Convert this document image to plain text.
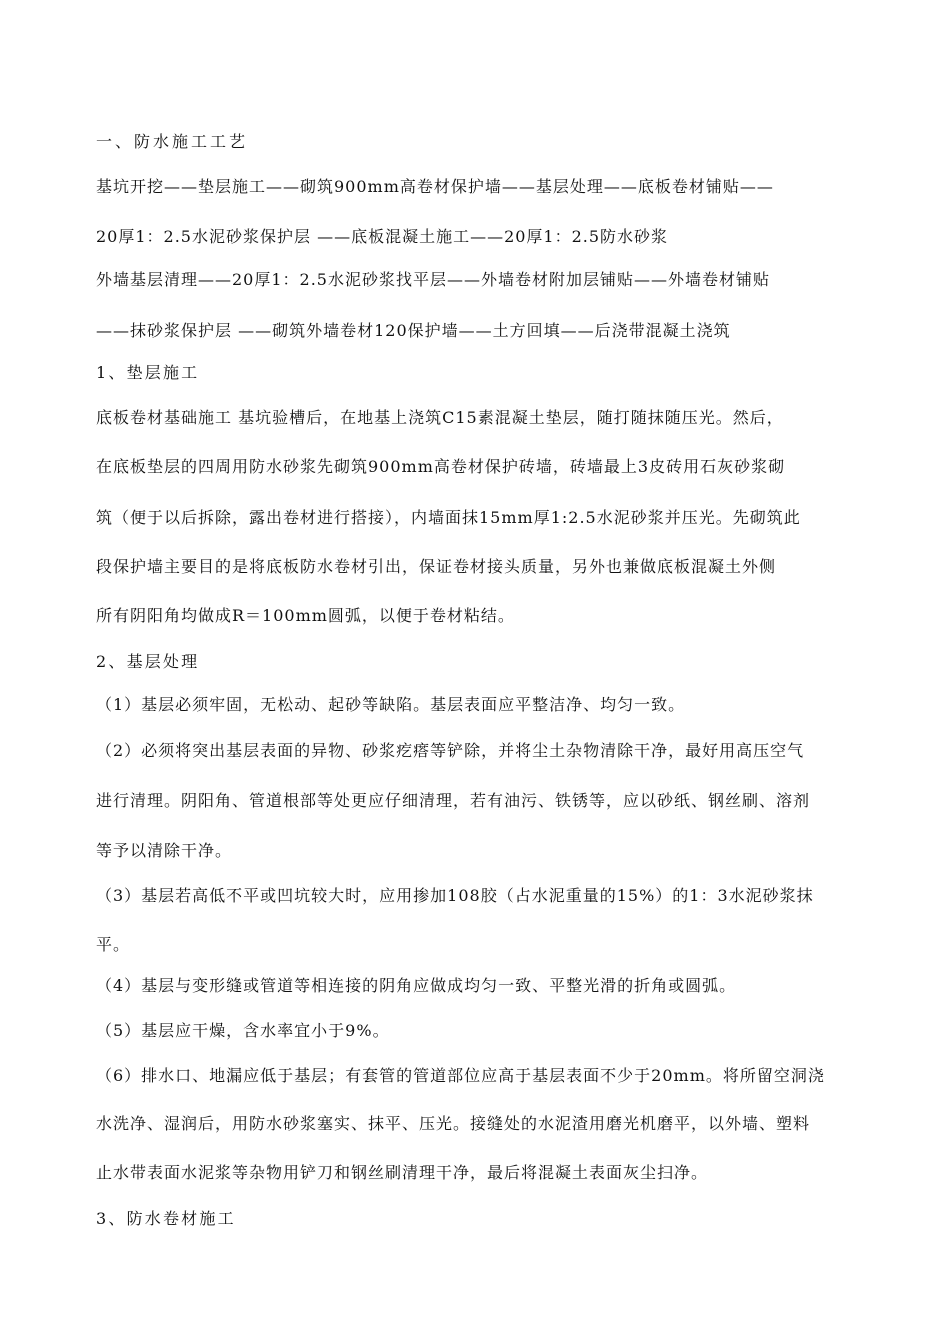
一、防水施工工艺
基坑开挖——垫层施工——砌筑900mm高卷材保护墙——基层处理——底板卷材铺贴——
20厚1：2.5水泥砂浆保护层 ——底板混凝土施工——20厚1：2.5防水砂浆
外墙基层清理——20厚1：2.5水泥砂浆找平层——外墙卷材附加层铺贴——外墙卷材铺贴
——抹砂浆保护层 ——砌筑外墙卷材120保护墙——土方回填——后浇带混凝土浇筑
1、垫层施工
底板卷材基础施工 基坑验槽后，在地基上浇筑C15素混凝土垫层，随打随抹随压光。然后，
在底板垫层的四周用防水砂浆先砌筑900mm高卷材保护砖墙，砖墙最上3皮砖用石灰砂浆砌
筑（便于以后拆除，露出卷材进行搭接），内墙面抹15mm厚1:2.5水泥砂浆并压光。先砌筑此
段保护墙主要目的是将底板防水卷材引出，保证卷材接头质量，另外也兼做底板混凝土外侧
所有阴阳角均做成R＝100mm圆弧，以便于卷材粘结。
2、基层处理
（1）基层必须牢固，无松动、起砂等缺陷。基层表面应平整洁净、均匀一致。
（2）必须将突出基层表面的异物、砂浆疙瘩等铲除，并将尘土杂物清除干净，最好用高压空气
进行清理。阴阳角、管道根部等处更应仔细清理，若有油污、铁锈等，应以砂纸、钢丝刷、溶剂
等予以清除干净。
（3）基层若高低不平或凹坑较大时，应用掺加108胶（占水泥重量的15%）的1：3水泥砂浆抹
平。
（4）基层与变形缝或管道等相连接的阴角应做成均匀一致、平整光滑的折角或圆弧。
（5）基层应干燥，含水率宜小于9%。
（6）排水口、地漏应低于基层；有套管的管道部位应高于基层表面不少于20mm。将所留空洞浇
水洗净、湿润后，用防水砂浆塞实、抹平、压光。接缝处的水泥渣用磨光机磨平，以外墙、塑料
止水带表面水泥浆等杂物用铲刀和钢丝刷清理干净，最后将混凝土表面灰尘扫净。
3、防水卷材施工
